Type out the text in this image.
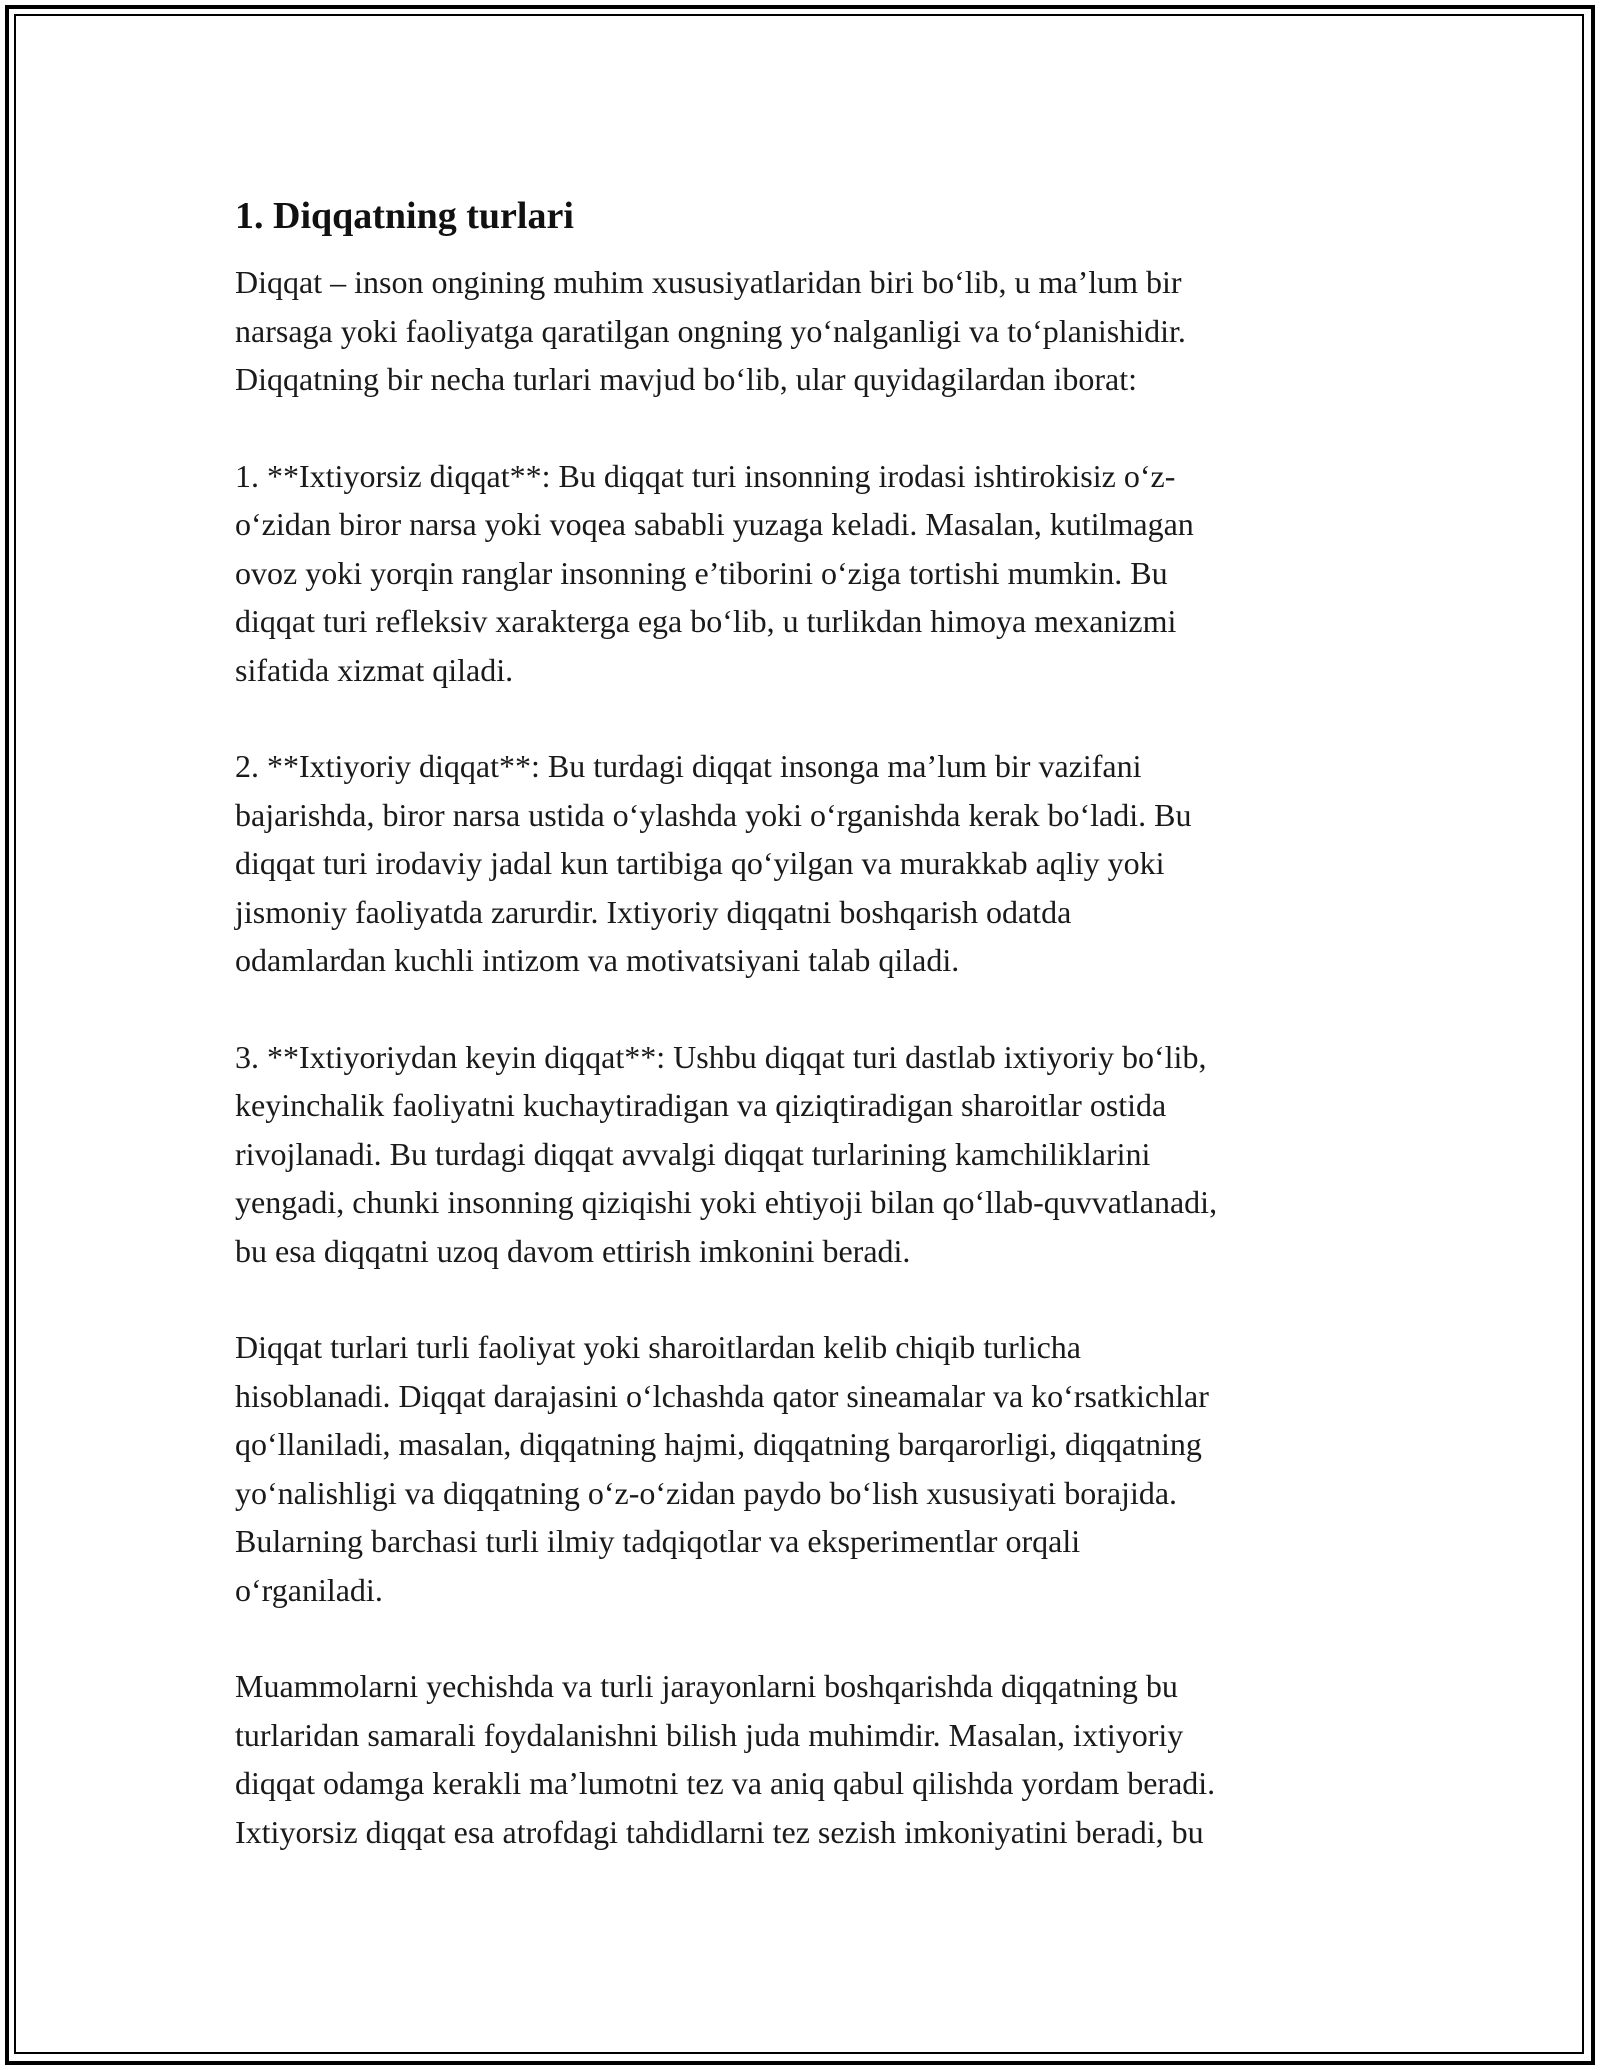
1. Diqqatning turlari

Diqqat – inson ongining muhim xususiyatlaridan biri bo‘lib, u ma’lum bir
narsaga yoki faoliyatga qaratilgan ongning yo‘nalganligi va to‘planishidir.
Diqqatning bir necha turlari mavjud bo‘lib, ular quyidagilardan iborat:

1. **Ixtiyorsiz diqqat**: Bu diqqat turi insonning irodasi ishtirokisiz o‘z-
o‘zidan biror narsa yoki voqea sababli yuzaga keladi. Masalan, kutilmagan
ovoz yoki yorqin ranglar insonning e’tiborini o‘ziga tortishi mumkin. Bu
diqqat turi refleksiv xarakterga ega bo‘lib, u turlikdan himoya mexanizmi
sifatida xizmat qiladi.

2. **Ixtiyoriy diqqat**: Bu turdagi diqqat insonga ma’lum bir vazifani
bajarishda, biror narsa ustida o‘ylashda yoki o‘rganishda kerak bo‘ladi. Bu
diqqat turi irodaviy jadal kun tartibiga qo‘yilgan va murakkab aqliy yoki
jismoniy faoliyatda zarurdir. Ixtiyoriy diqqatni boshqarish odatda
odamlardan kuchli intizom va motivatsiyani talab qiladi.

3. **Ixtiyoriydan keyin diqqat**: Ushbu diqqat turi dastlab ixtiyoriy bo‘lib,
keyinchalik faoliyatni kuchaytiradigan va qiziqtiradigan sharoitlar ostida
rivojlanadi. Bu turdagi diqqat avvalgi diqqat turlarining kamchiliklarini
yengadi, chunki insonning qiziqishi yoki ehtiyoji bilan qo‘llab-quvvatlanadi,
bu esa diqqatni uzoq davom ettirish imkonini beradi.

Diqqat turlari turli faoliyat yoki sharoitlardan kelib chiqib turlicha
hisoblanadi. Diqqat darajasini o‘lchashda qator sineamalar va ko‘rsatkichlar
qo‘llaniladi, masalan, diqqatning hajmi, diqqatning barqarorligi, diqqatning
yo‘nalishligi va diqqatning o‘z-o‘zidan paydo bo‘lish xususiyati borajida.
Bularning barchasi turli ilmiy tadqiqotlar va eksperimentlar orqali
o‘rganiladi.

Muammolarni yechishda va turli jarayonlarni boshqarishda diqqatning bu
turlaridan samarali foydalanishni bilish juda muhimdir. Masalan, ixtiyoriy
diqqat odamga kerakli ma’lumotni tez va aniq qabul qilishda yordam beradi.
Ixtiyorsiz diqqat esa atrofdagi tahdidlarni tez sezish imkoniyatini beradi, bu
